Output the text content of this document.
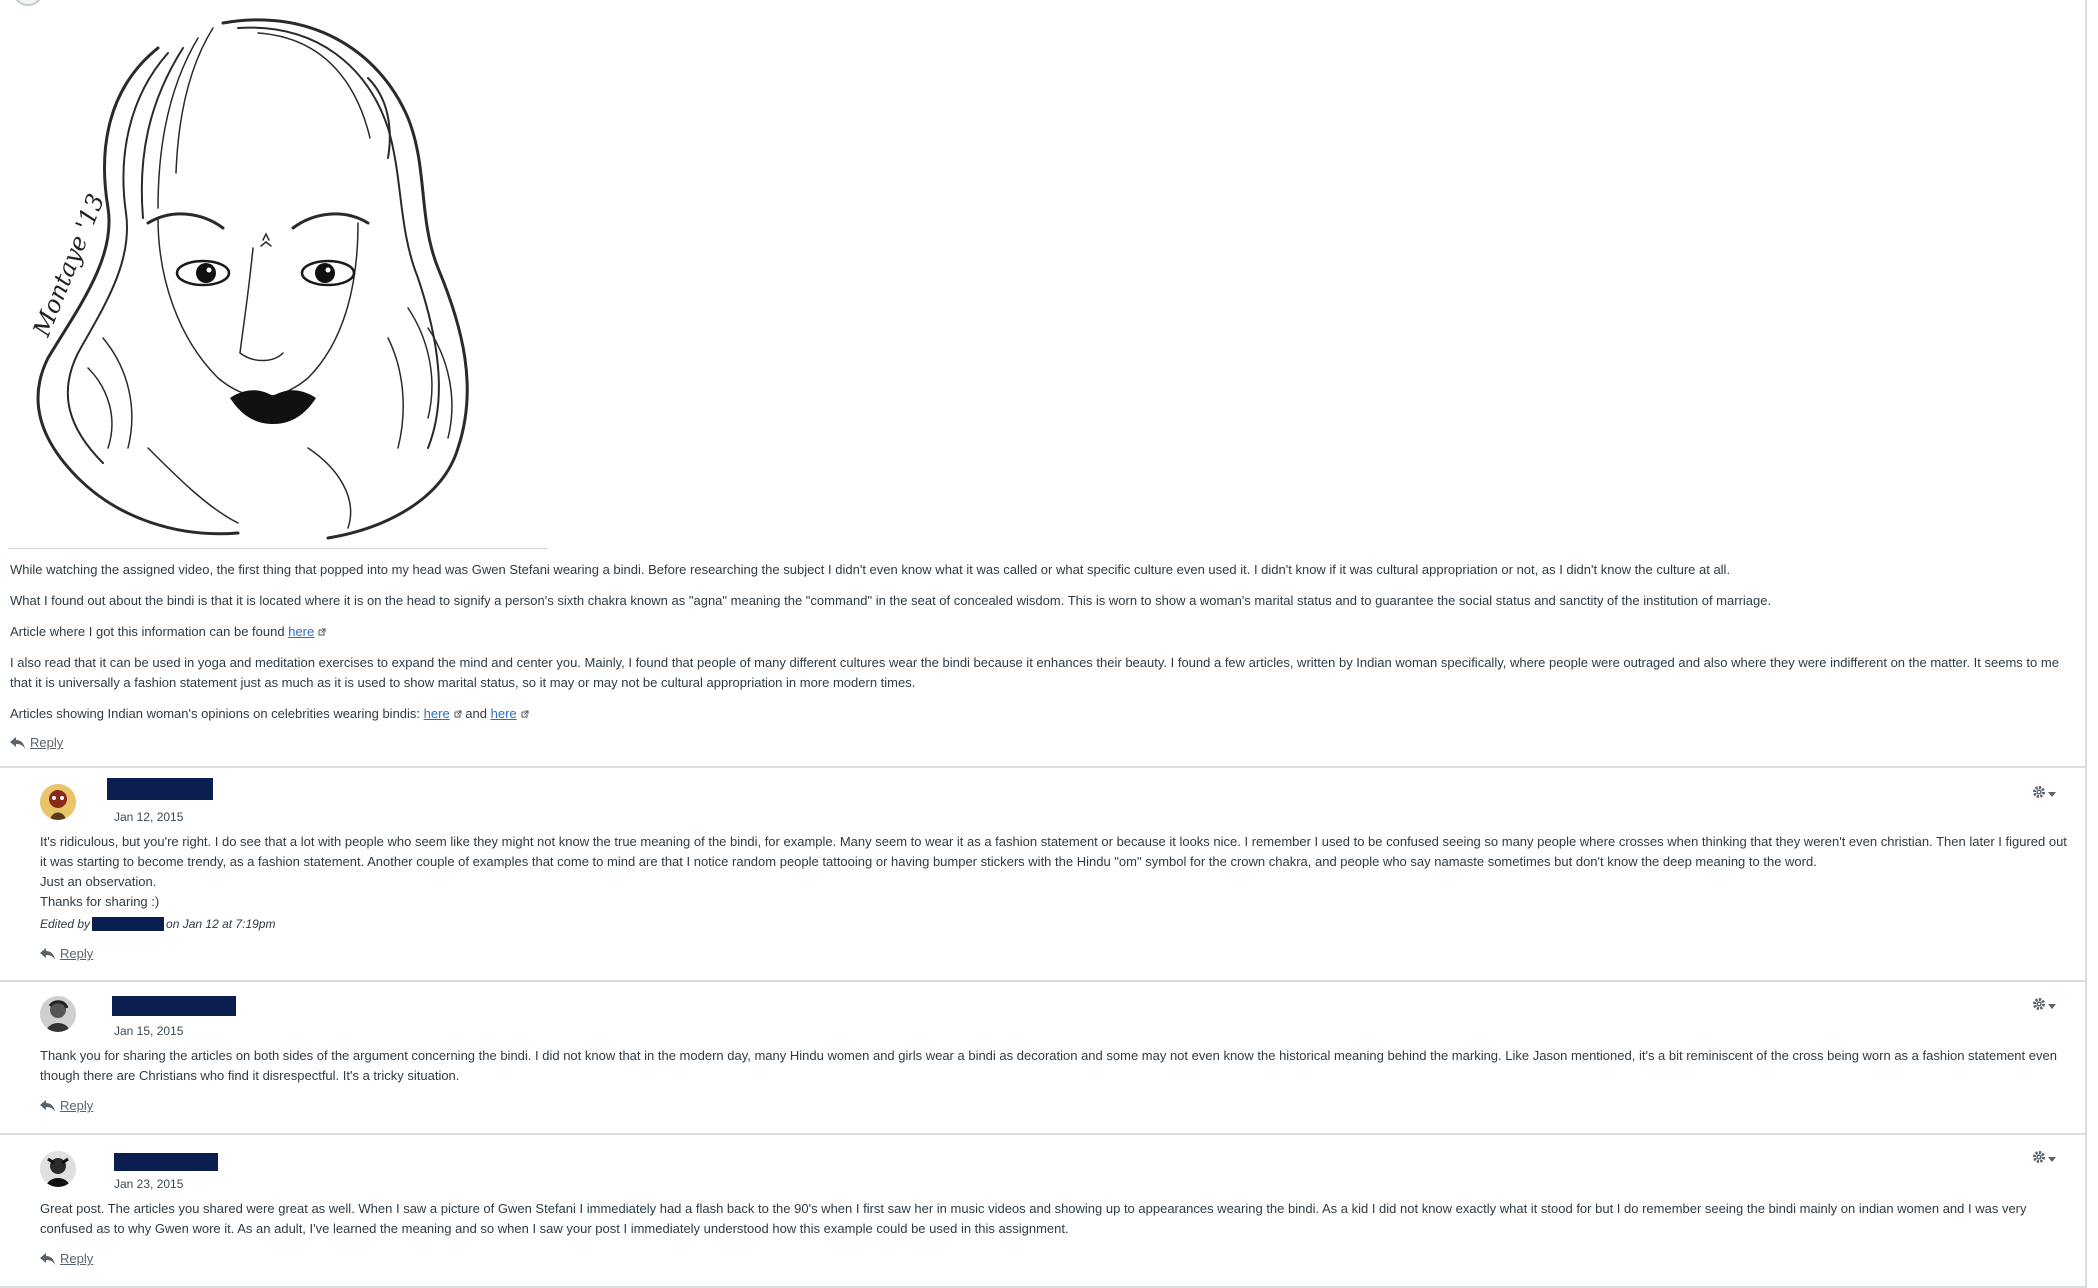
Montaye '13

While watching the assigned video, the first thing that popped into my head was Gwen Stefani wearing a bindi. Before researching the subject I didn't even know what it was called or what specific culture even used it. I didn't know if it was cultural appropriation or not, as I didn't know the culture at all.

What I found out about the bindi is that it is located where it is on the head to signify a person's sixth chakra known as "agna" meaning the "command" in the seat of concealed wisdom. This is worn to show a woman's marital status and to guarantee the social status and sanctity of the institution of marriage.

Article where I got this information can be found here

I also read that it can be used in yoga and meditation exercises to expand the mind and center you. Mainly, I found that people of many different cultures wear the bindi because it enhances their beauty. I found a few articles, written by Indian woman specifically, where people were outraged and also where they were indifferent on the matter. It seems to me that it is universally a fashion statement just as much as it is used to show marital status, so it may or may not be cultural appropriation in more modern times.

Articles showing Indian woman's opinions on celebrities wearing bindis: here and here

Reply
Jan 12, 2015

It's ridiculous, but you're right. I do see that a lot with people who seem like they might not know the true meaning of the bindi, for example. Many seem to wear it as a fashion statement or because it looks nice. I remember I used to be confused seeing so many people where crosses when thinking that they weren't even christian. Then later I figured out it was starting to become trendy, as a fashion statement. Another couple of examples that come to mind are that I notice random people tattooing or having bumper stickers with the Hindu "om" symbol for the crown chakra, and people who say namaste sometimes but don't know the deep meaning to the word.

Just an observation.

Thanks for sharing :)

Edited by	on Jan 12 at 7:19pm
Reply
Jan 15, 2015

Thank you for sharing the articles on both sides of the argument concerning the bindi. I did not know that in the modern day, many Hindu women and girls wear a bindi as decoration and some may not even know the historical meaning behind the marking. Like Jason mentioned, it's a bit reminiscent of the cross being worn as a fashion statement even though there are Christians who find it disrespectful. It's a tricky situation.

Reply
Jan 23, 2015

Great post. The articles you shared were great as well. When I saw a picture of Gwen Stefani I immediately had a flash back to the 90's when I first saw her in music videos and showing up to appearances wearing the bindi. As a kid I did not know exactly what it stood for but I do remember seeing the bindi mainly on indian women and I was very confused as to why Gwen wore it. As an adult, I've learned the meaning and so when I saw your post I immediately understood how this example could be used in this assignment.

Reply
